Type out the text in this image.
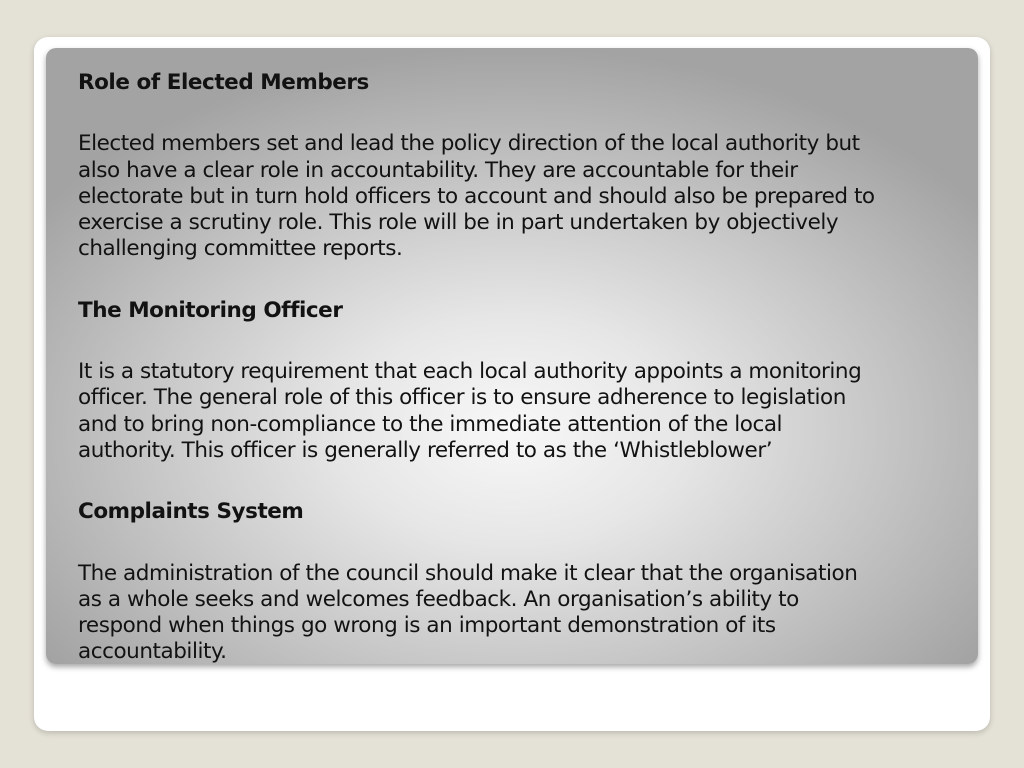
Role of Elected Members

Elected members set and lead the policy direction of the local authority but

also have a clear role in accountability. They are accountable for their

electorate but in turn hold officers to account and should also be prepared to

exercise a scrutiny role. This role will be in part undertaken by objectively

challenging committee reports.

The Monitoring Officer

It is a statutory requirement that each local authority appoints a monitoring

officer. The general role of this officer is to ensure adherence to legislation

and to bring non-compliance to the immediate attention of the local

authority. This officer is generally referred to as the ‘Whistleblower’

Complaints System

The administration of the council should make it clear that the organisation

as a whole seeks and welcomes feedback. An organisation’s ability to

respond when things go wrong is an important demonstration of its

accountability.
